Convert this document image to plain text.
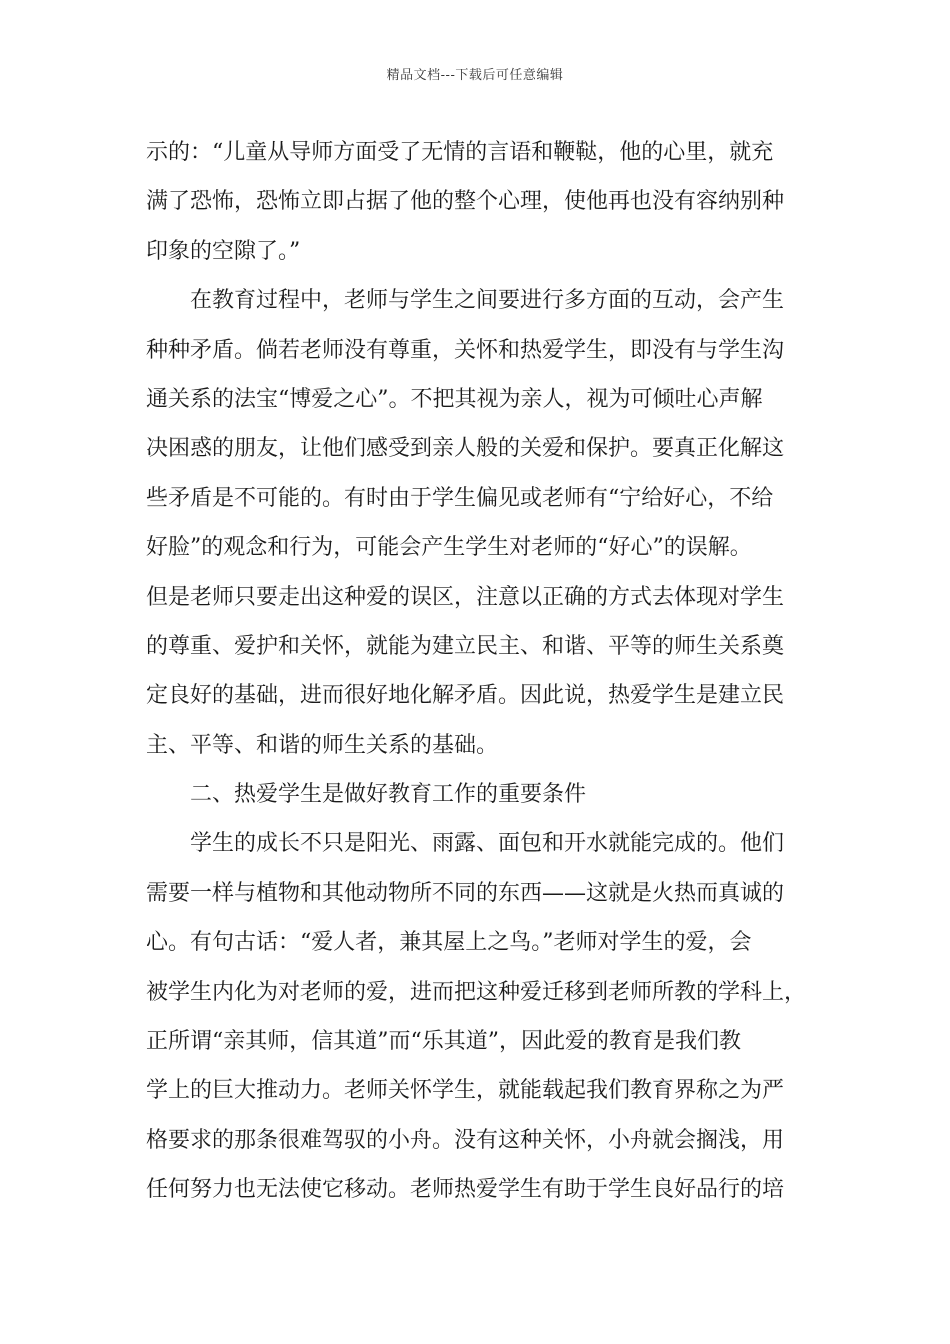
精品文档---下载后可任意编辑
示的：“儿童从导师方面受了无情的言语和鞭鞑，他的心里，就充
满了恐怖，恐怖立即占据了他的整个心理，使他再也没有容纳别种
印象的空隙了。”
在教育过程中，老师与学生之间要进行多方面的互动，会产生
种种矛盾。倘若老师没有尊重，关怀和热爱学生，即没有与学生沟
通关系的法宝“博爱之心”。不把其视为亲人，视为可倾吐心声解
决困惑的朋友，让他们感受到亲人般的关爱和保护。要真正化解这
些矛盾是不可能的。有时由于学生偏见或老师有“宁给好心，不给
好脸”的观念和行为，可能会产生学生对老师的“好心”的误解。
但是老师只要走出这种爱的误区，注意以正确的方式去体现对学生
的尊重、爱护和关怀，就能为建立民主、和谐、平等的师生关系奠
定良好的基础，进而很好地化解矛盾。因此说，热爱学生是建立民
主、平等、和谐的师生关系的基础。
二、热爱学生是做好教育工作的重要条件
学生的成长不只是阳光、雨露、面包和开水就能完成的。他们
需要一样与植物和其他动物所不同的东西——这就是火热而真诚的
心。有句古话：“爱人者，兼其屋上之鸟。”老师对学生的爱，会
被学生内化为对老师的爱，进而把这种爱迁移到老师所教的学科上，
正所谓“亲其师，信其道”而“乐其道”，因此爱的教育是我们教
学上的巨大推动力。老师关怀学生，就能载起我们教育界称之为严
格要求的那条很难驾驭的小舟。没有这种关怀，小舟就会搁浅，用
任何努力也无法使它移动。老师热爱学生有助于学生良好品行的培
